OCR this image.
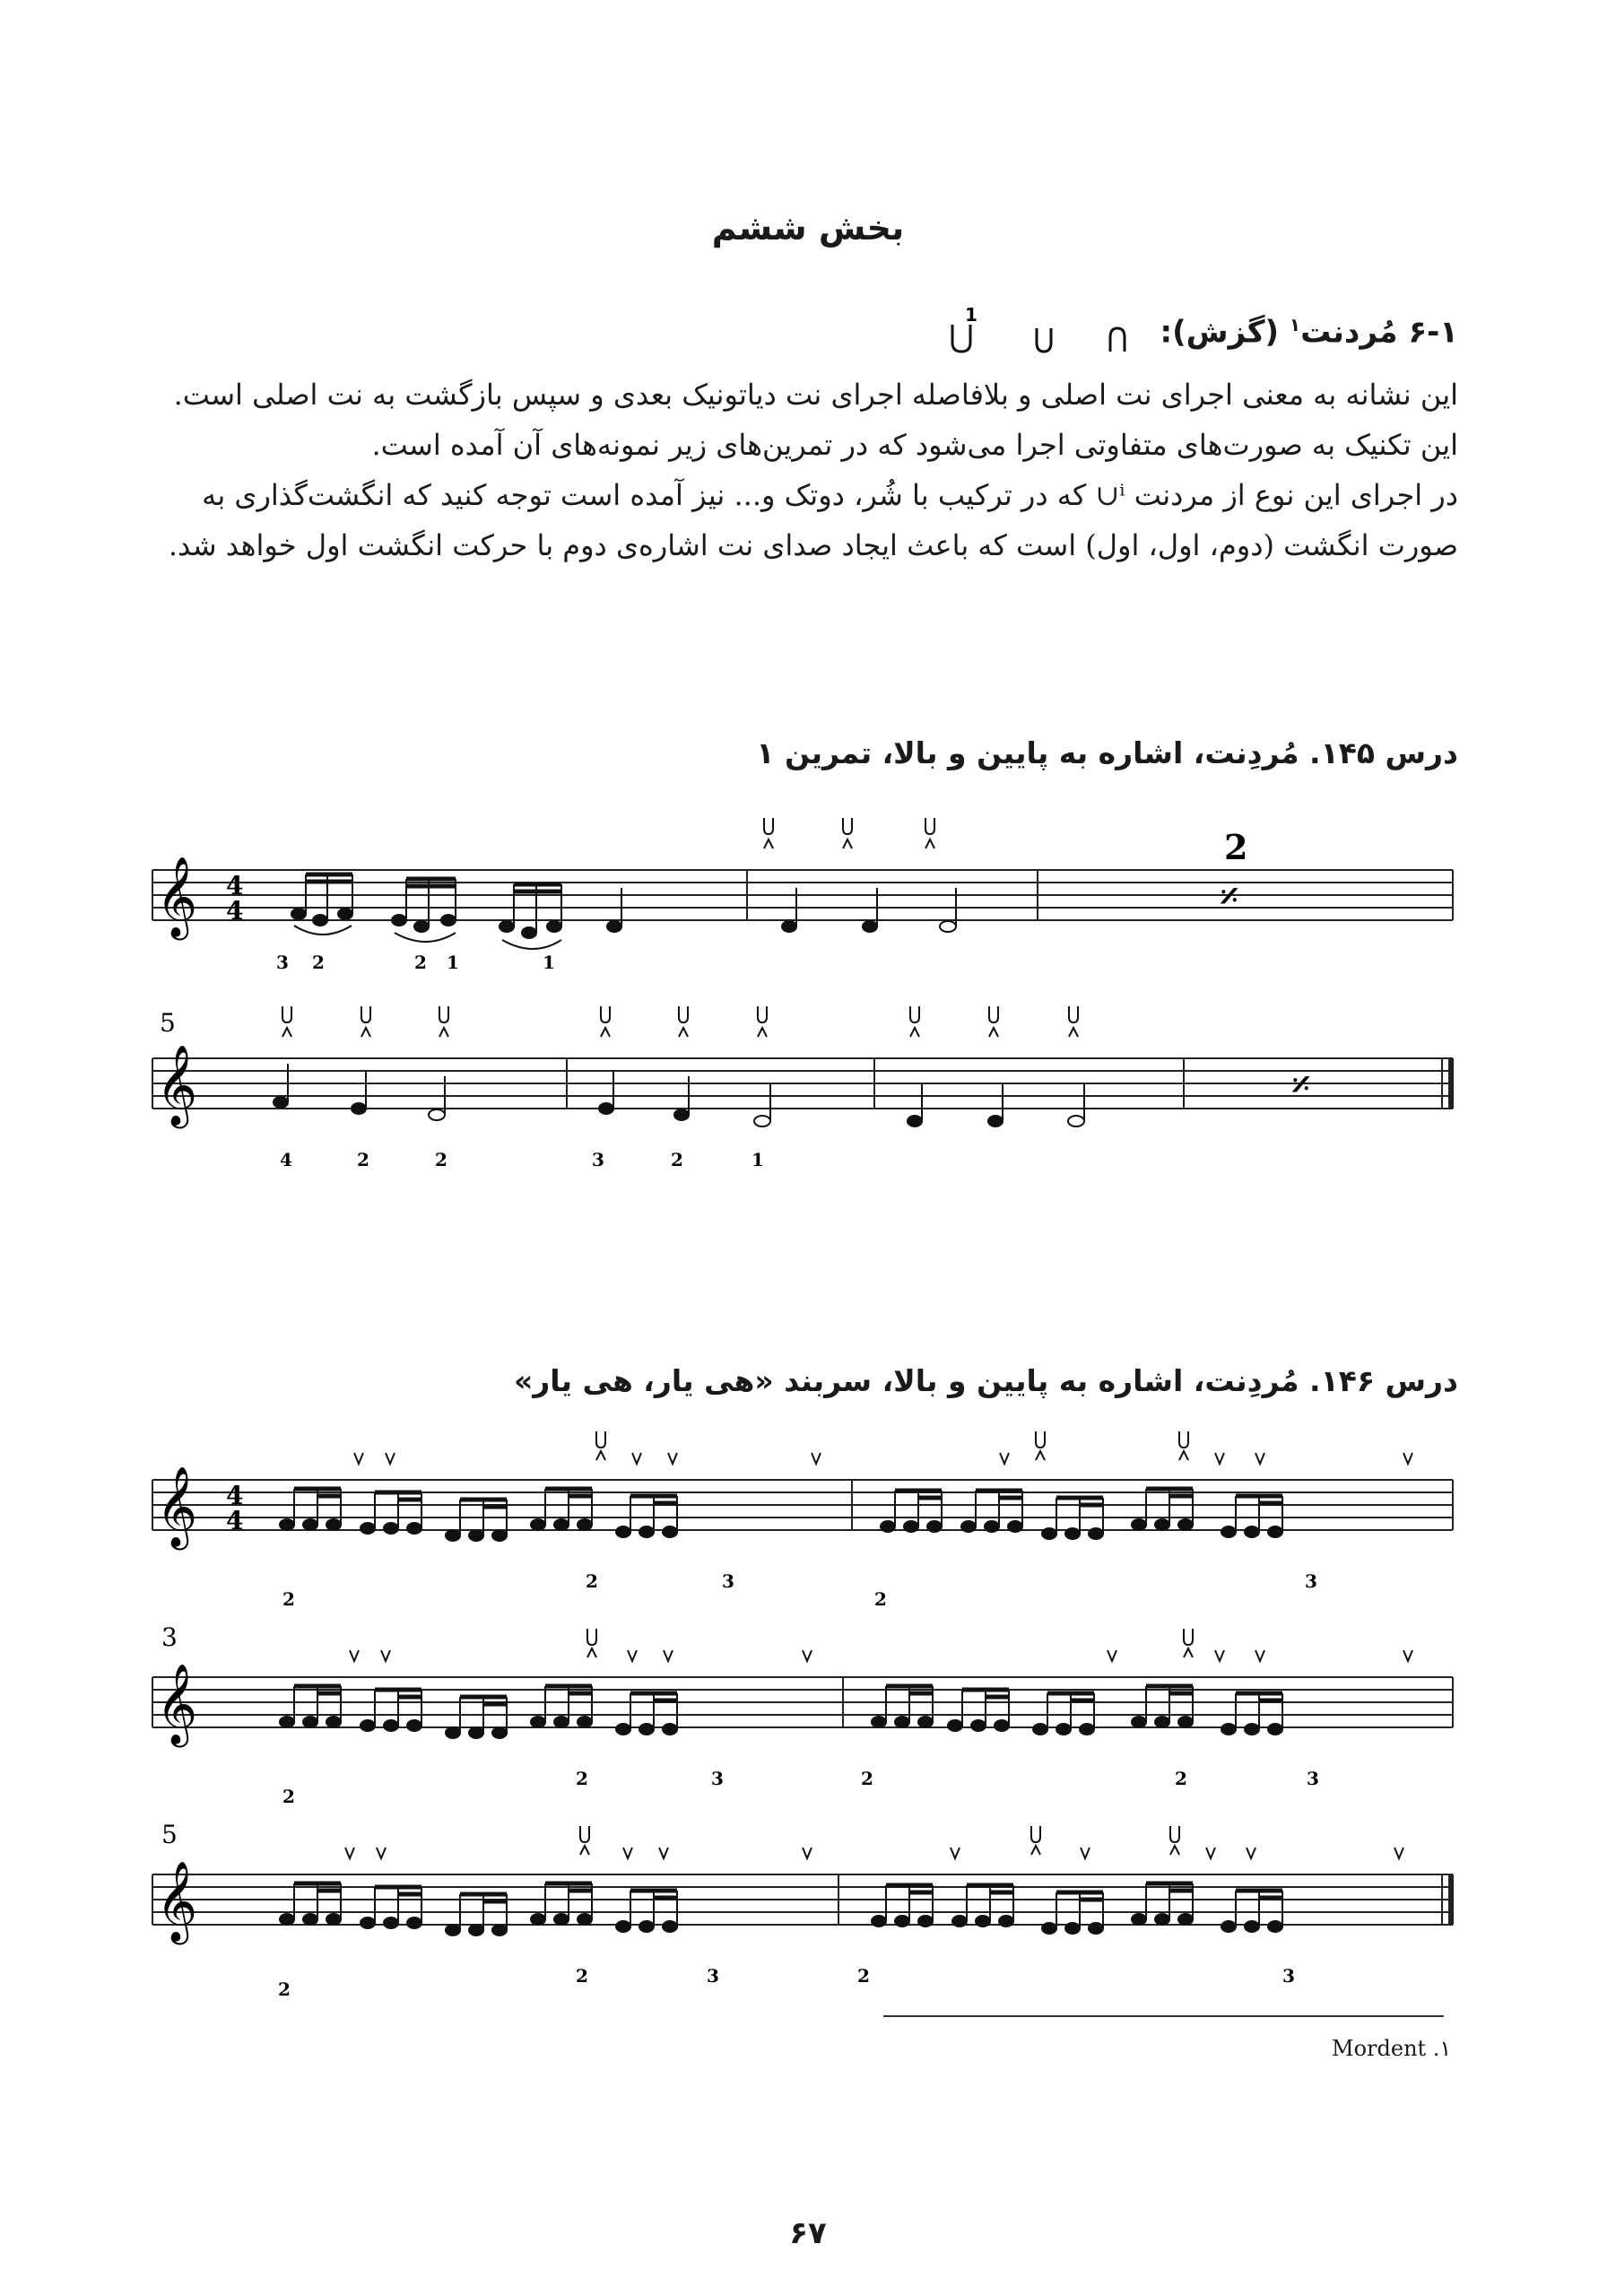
بخش ششم
۶-۱ مُردنت$^۱$ (گزش):
1
این نشانه به معنی اجرای نت اصلی و بلافاصله اجرای نت دیاتونیک بعدی و سپس بازگشت به نت اصلی است. این تکنیک به صورت‌های متفاوتی اجرا می‌شود که در تمرین‌های زیر نمونه‌های آن آمده است.
در اجرای این نوع از مردنت ⁱ∪ که در ترکیب با شُر، دوتک و... نیز آمده است توجه کنید که انگشت‌گذاری به صورت انگشت (دوم، اول، اول) است که باعث ایجاد صدای نت اشاره‌ی دوم با حرکت انگشت اول خواهد شد.
درس ۱۴۵. مُردِنت، اشاره به پایین و بالا، تمرین ۱
𝄞 4
4
2
𝄎
3 2	2 1	1
5
𝄞	𝄎
4	2	2	3	2	1
درس ۱۴۶. مُردِنت، اشاره به پایین و بالا، سربند «هی یار، هی یار»
𝄞 4
4
2
2	3
2
3
3
𝄞
2
2	3	2	2	3
5
𝄞
2
2	3	2	3
Mordent .۱
۶۷
